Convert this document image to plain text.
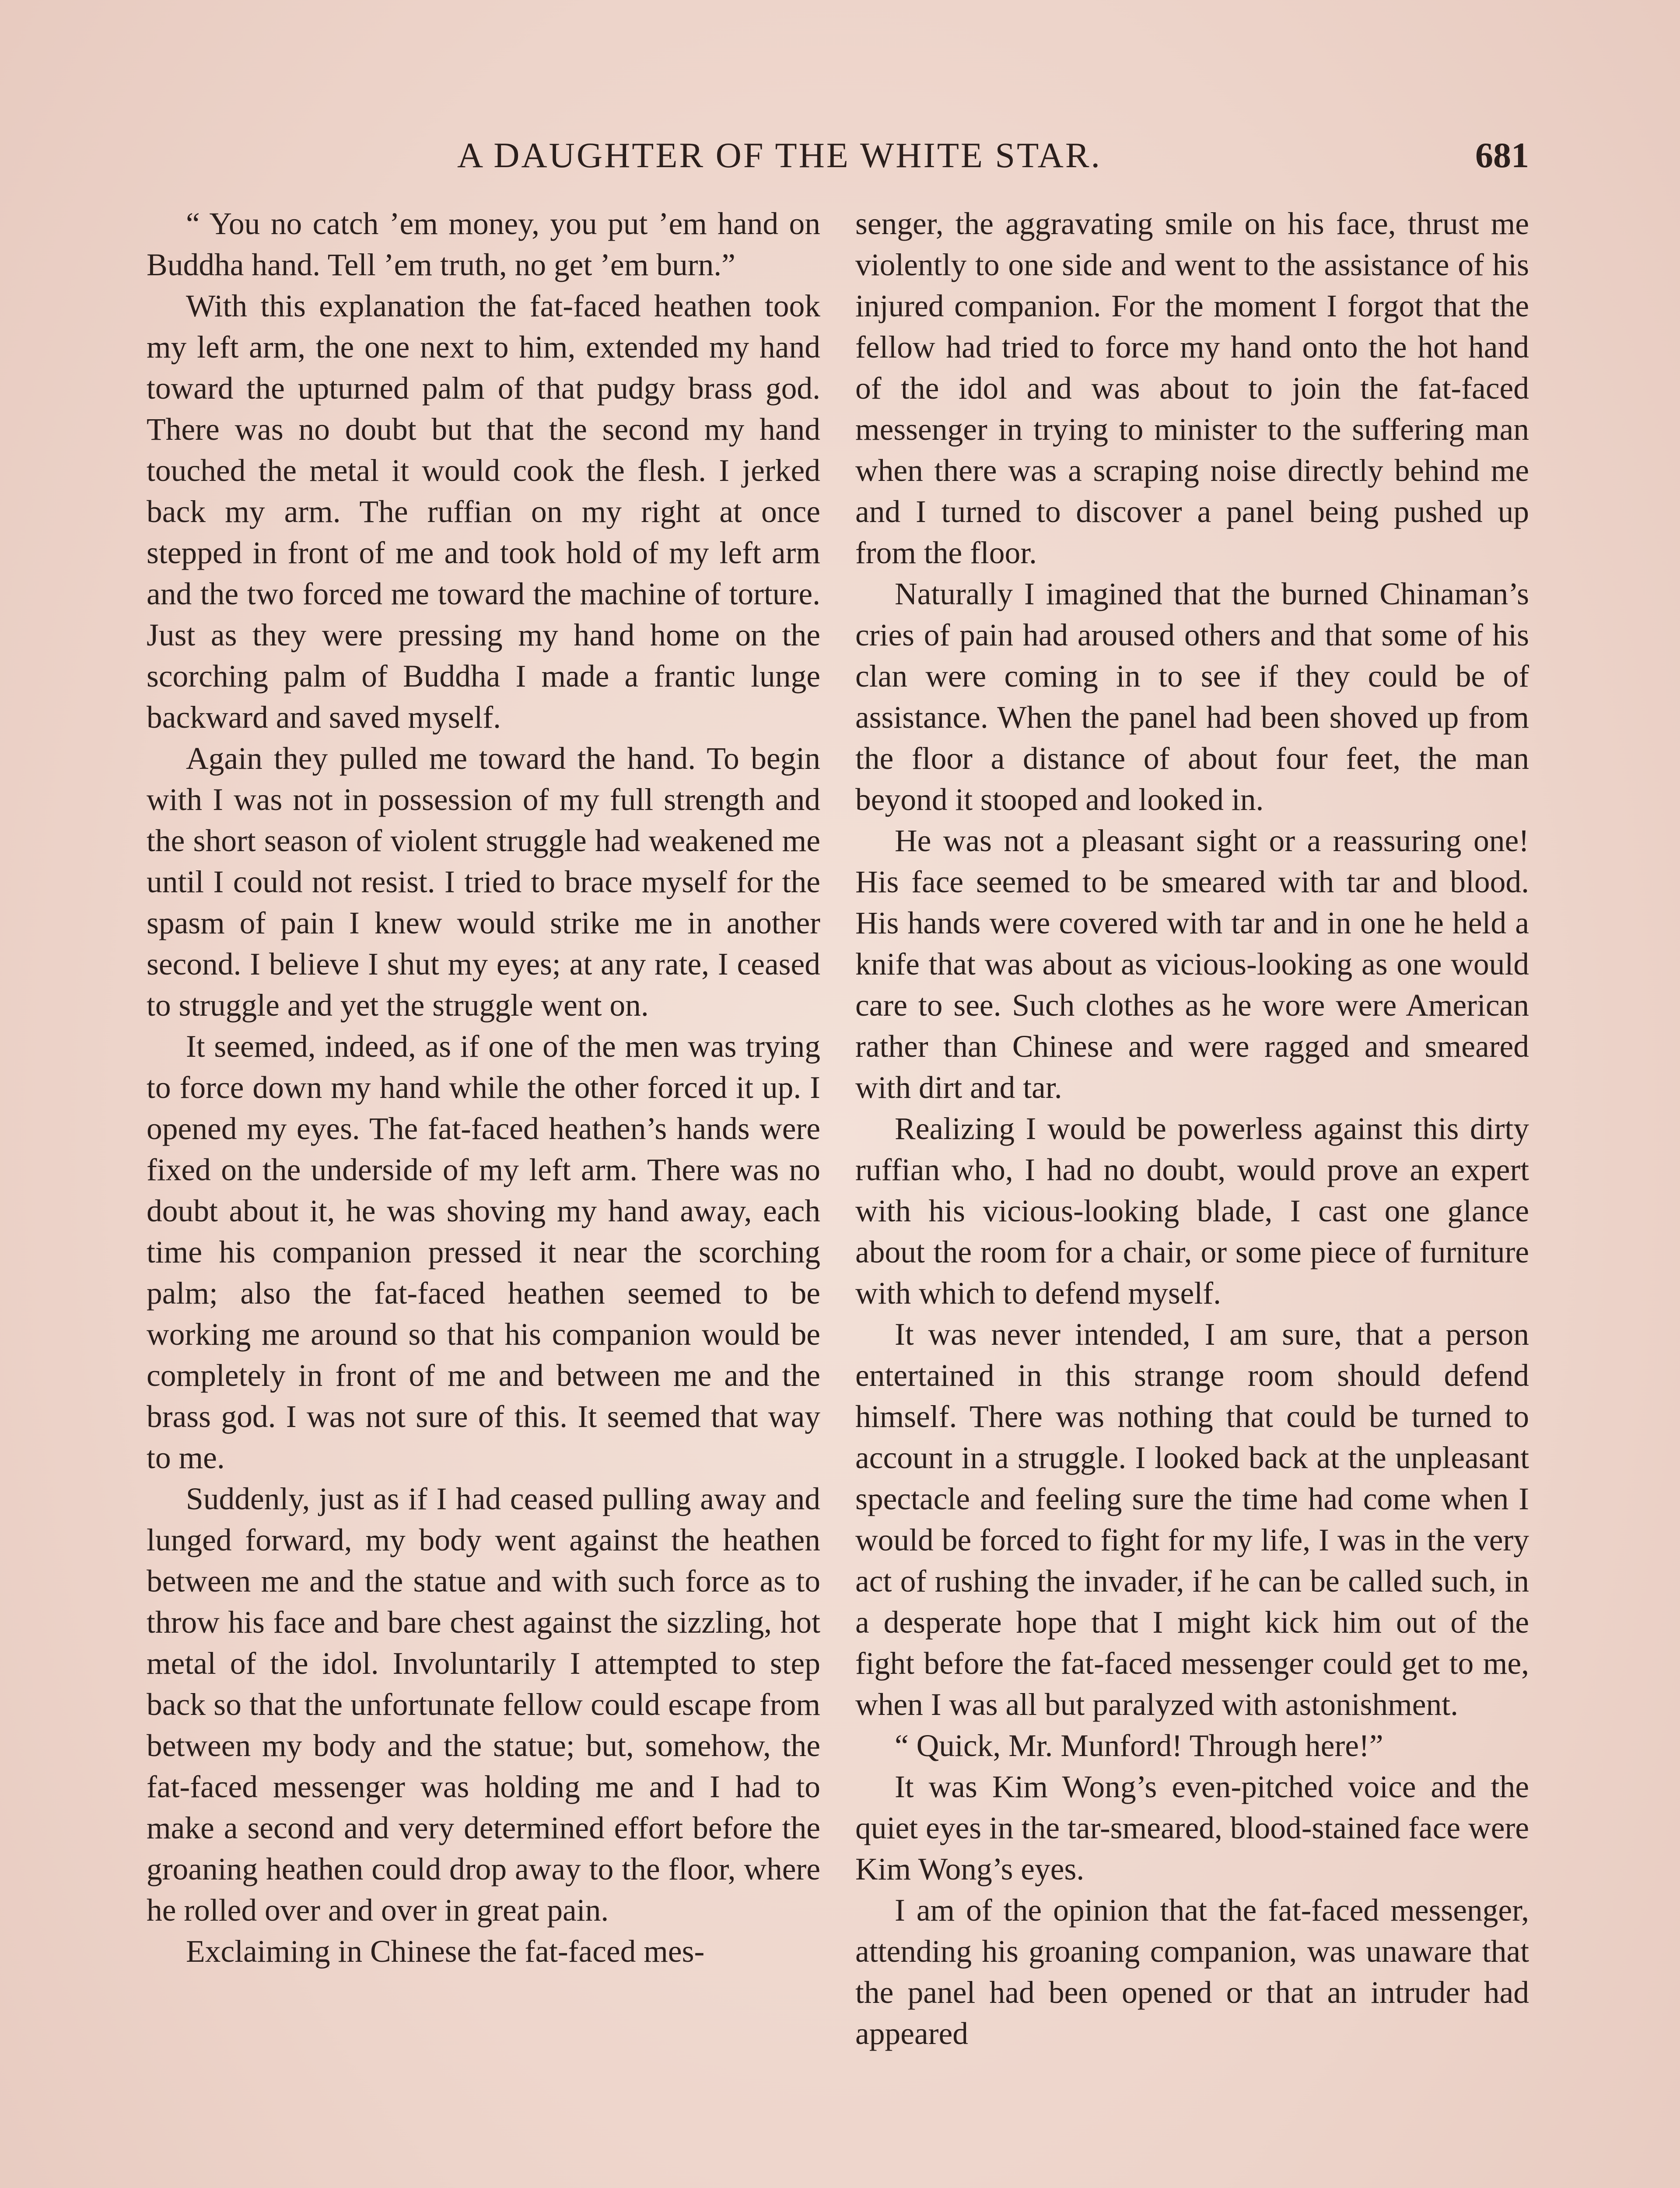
A DAUGHTER OF THE WHITE STAR.	681

“ You no catch ’em money, you put ’em hand on Buddha hand. Tell ’em truth, no get ’em burn.”

With this explanation the fat-faced heathen took my left arm, the one next to him, extended my hand toward the upturned palm of that pudgy brass god. There was no doubt but that the second my hand touched the metal it would cook the flesh. I jerked back my arm. The ruffian on my right at once stepped in front of me and took hold of my left arm and the two forced me toward the machine of torture. Just as they were pressing my hand home on the scorching palm of Buddha I made a frantic lunge backward and saved myself.

Again they pulled me toward the hand. To begin with I was not in possession of my full strength and the short season of violent struggle had weakened me until I could not resist. I tried to brace myself for the spasm of pain I knew would strike me in another second. I believe I shut my eyes; at any rate, I ceased to struggle and yet the struggle went on.

It seemed, indeed, as if one of the men was trying to force down my hand while the other forced it up. I opened my eyes. The fat-faced heathen’s hands were fixed on the underside of my left arm. There was no doubt about it, he was shoving my hand away, each time his companion pressed it near the scorching palm; also the fat-faced heathen seemed to be working me around so that his companion would be completely in front of me and between me and the brass god. I was not sure of this. It seemed that way to me.

Suddenly, just as if I had ceased pulling away and lunged forward, my body went against the heathen between me and the statue and with such force as to throw his face and bare chest against the sizzling, hot metal of the idol. Involuntarily I attempted to step back so that the unfortunate fellow could escape from between my body and the statue; but, somehow, the fat-faced messenger was holding me and I had to make a second and very determined effort before the groaning heathen could drop away to the floor, where he rolled over and over in great pain.

Exclaiming in Chinese the fat-faced mes-

senger, the aggravating smile on his face, thrust me violently to one side and went to the assistance of his injured companion. For the moment I forgot that the fellow had tried to force my hand onto the hot hand of the idol and was about to join the fat-faced messenger in trying to minister to the suffering man when there was a scraping noise directly behind me and I turned to discover a panel being pushed up from the floor.

Naturally I imagined that the burned Chinaman’s cries of pain had aroused others and that some of his clan were coming in to see if they could be of assistance. When the panel had been shoved up from the floor a distance of about four feet, the man beyond it stooped and looked in.

He was not a pleasant sight or a reassuring one! His face seemed to be smeared with tar and blood. His hands were covered with tar and in one he held a knife that was about as vicious-looking as one would care to see. Such clothes as he wore were American rather than Chinese and were ragged and smeared with dirt and tar.

Realizing I would be powerless against this dirty ruffian who, I had no doubt, would prove an expert with his vicious-looking blade, I cast one glance about the room for a chair, or some piece of furniture with which to defend myself.

It was never intended, I am sure, that a person entertained in this strange room should defend himself. There was nothing that could be turned to account in a struggle. I looked back at the unpleasant spectacle and feeling sure the time had come when I would be forced to fight for my life, I was in the very act of rushing the invader, if he can be called such, in a desperate hope that I might kick him out of the fight before the fat-faced messenger could get to me, when I was all but paralyzed with astonishment.

“ Quick, Mr. Munford! Through here!”

It was Kim Wong’s even-pitched voice and the quiet eyes in the tar-smeared, blood-stained face were Kim Wong’s eyes.

I am of the opinion that the fat-faced messenger, attending his groaning companion, was unaware that the panel had been opened or that an intruder had appeared
